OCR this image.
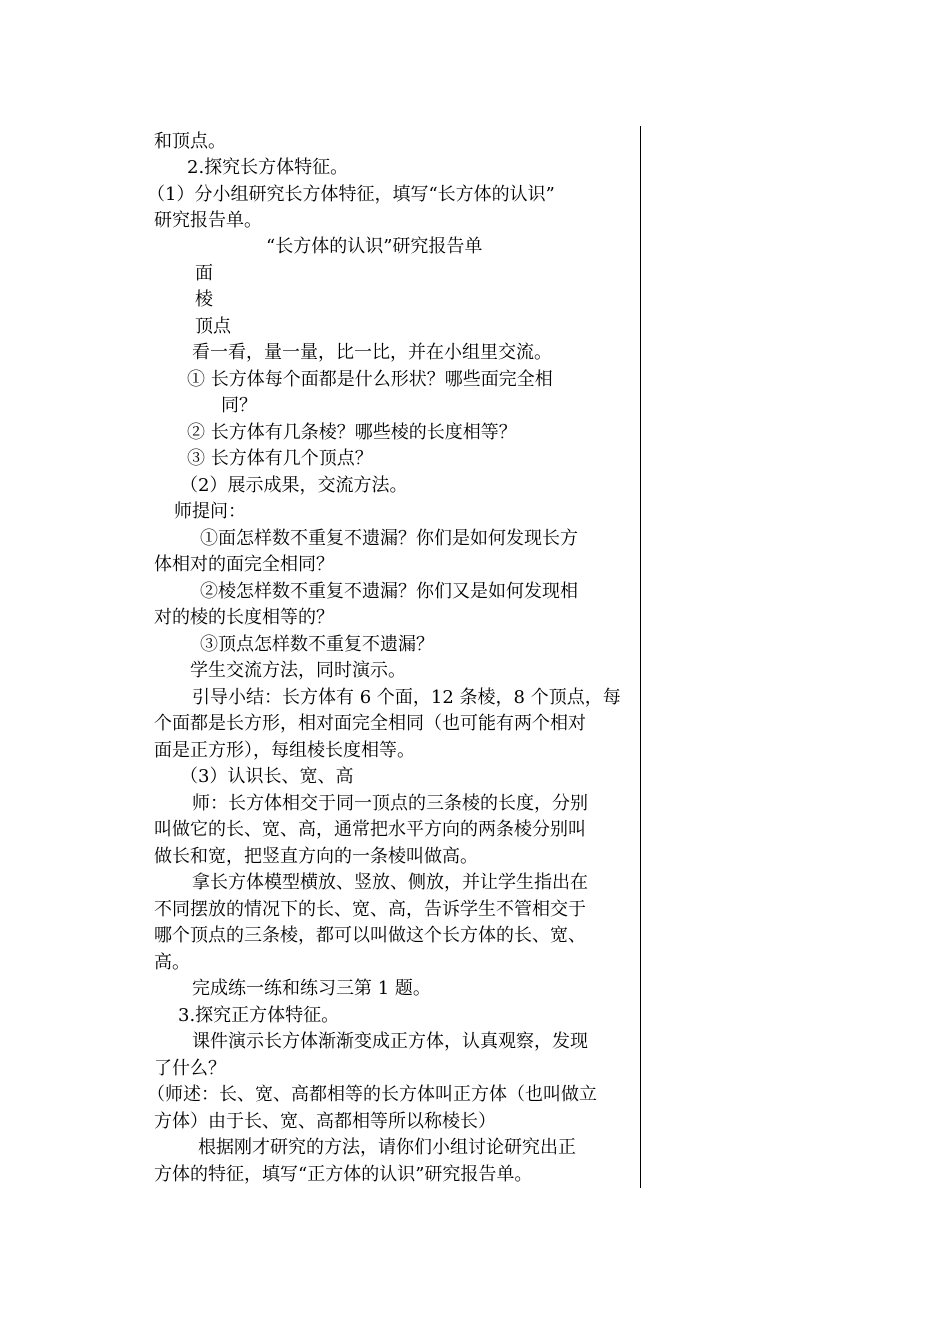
和顶点。
2.探究长方体特征。
（1）分小组研究长方体特征，填写“长方体的认识”
研究报告单。
“长方体的认识”研究报告单
面
棱
顶点
看一看，量一量，比一比，并在小组里交流。
① 长方体每个面都是什么形状？哪些面完全相
同？
② 长方体有几条棱？哪些棱的长度相等？
③ 长方体有几个顶点？
（2）展示成果，交流方法。
师提问：
①面怎样数不重复不遗漏？你们是如何发现长方
体相对的面完全相同？
②棱怎样数不重复不遗漏？你们又是如何发现相
对的棱的长度相等的？
③顶点怎样数不重复不遗漏？
学生交流方法，同时演示。
引导小结：长方体有 6 个面，12 条棱，8 个顶点，每
个面都是长方形，相对面完全相同（也可能有两个相对
面是正方形），每组棱长度相等。
（3）认识长、宽、高
师：长方体相交于同一顶点的三条棱的长度，分别
叫做它的长、宽、高，通常把水平方向的两条棱分别叫
做长和宽，把竖直方向的一条棱叫做高。
拿长方体模型横放、竖放、侧放，并让学生指出在
不同摆放的情况下的长、宽、高，告诉学生不管相交于
哪个顶点的三条棱，都可以叫做这个长方体的长、宽、
高。
完成练一练和练习三第 1 题。
3.探究正方体特征。
课件演示长方体渐渐变成正方体，认真观察，发现
了什么？
（师述：长、宽、高都相等的长方体叫正方体（也叫做立
方体）由于长、宽、高都相等所以称棱长）
根据刚才研究的方法，请你们小组讨论研究出正
方体的特征，填写“正方体的认识”研究报告单。
